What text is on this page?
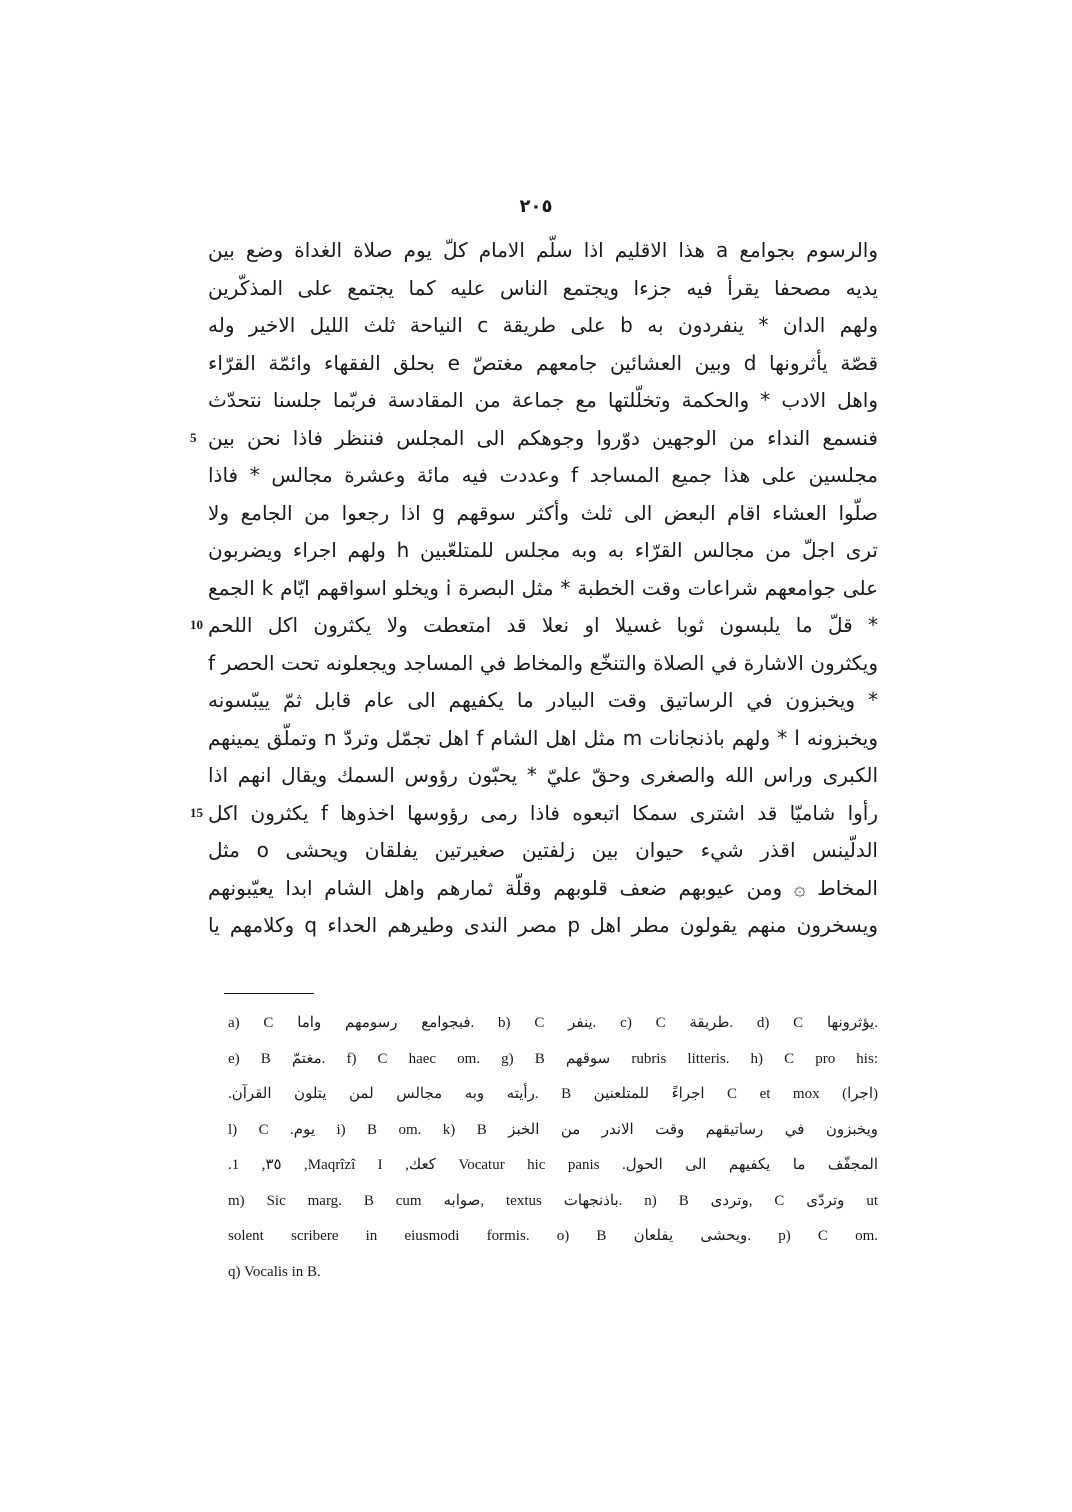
٢٠٥
والرسوم بجوامع a هذا الاقليم اذا سلّم الامام كلّ يوم صلاة الغداة وضع بين
يديه مصحفا يقرأ فيه جزءا ويجتمع الناس عليه كما يجتمع على المذكّرين
ولهم الدان * ينفردون به b على طريقة c النياحة ثلث الليل الاخير وله
قصّة يأثرونها d وبين العشائين جامعهم مغتصّ e بحلق الفقهاء وائمّة القرّاء
واهل الادب * والحكمة وتخلّلتها مع جماعة من المقادسة فربّما جلسنا نتحدّث
فنسمع النداء من الوجهين دوّروا وجوهكم الى المجلس فننظر فاذا نحن بين
مجلسين على هذا جميع المساجد f وعددت فيه مائة وعشرة مجالس * فاذا
صلّوا العشاء اقام البعض الى ثلث وأكثر سوقهم g اذا رجعوا من الجامع ولا
ترى اجلّ من مجالس القرّاء به وبه مجلس للمتلعّبين h ولهم اجراء ويضربون
على جوامعهم شراعات وقت الخطبة * مثل البصرة i ويخلو اسواقهم ايّام k الجمع
* قلّ ما يلبسون ثوبا غسيلا او نعلا قد امتعطت ولا يكثرون اكل اللحم
ويكثرون الاشارة في الصلاة والتنخّع والمخاط في المساجد ويجعلونه تحت الحصر f
* ويخبزون في الرساتيق وقت البيادر ما يكفيهم الى عام قابل ثمّ ييبّسونه
ويخبزونه l * ولهم باذنجانات m مثل اهل الشام f اهل تجمّل وتردّ n وتملّق يمينهم
الكبرى وراس الله والصغرى وحقّ عليّ * يحبّون رؤوس السمك ويقال انهم اذا
رأوا شاميّا قد اشترى سمكا اتبعوه فاذا رمى رؤوسها اخذوها f يكثرون اكل
الدلّينس اقذر شيء حيوان بين زلفتين صغيرتين يفلقان ويحشى o مثل
المخاط ۞ ومن عيوبهم ضعف قلوبهم وقلّة ثمارهم واهل الشام ابدا يعيّبونهم
ويسخرون منهم يقولون مطر اهل p مصر الندى وطيرهم الحداء q وكلامهم يا
5
10
15
a) C فبجوامع رسومهم واما. b) C ينفر. c) C طريقة. d) C يؤثرونها.
e) B مغتمّ. f) C haec om. g) B سوقهم rubris litteris. h) C pro his:
(اجرا) C et mox اجراءً للمتلعنين B .رأيته وبه مجالس لمن يتلون القرآن.
ويخبزون في رساتيقهم وقت الاندر من الخبز i) B om. k) B يوم. l) C
المجفّف ما يكفيهم الى الحول. Vocatur hic panis كعك, Maqrîzî I, ٣٥, 1.
m) Sic marg. B cum صوابه, textus باذنجهات. n) B وتردى, C وتردّى ut
solent scribere in eiusmodi formis. o) B ويحشى يفلعان. p) C om.
q) Vocalis in B.
